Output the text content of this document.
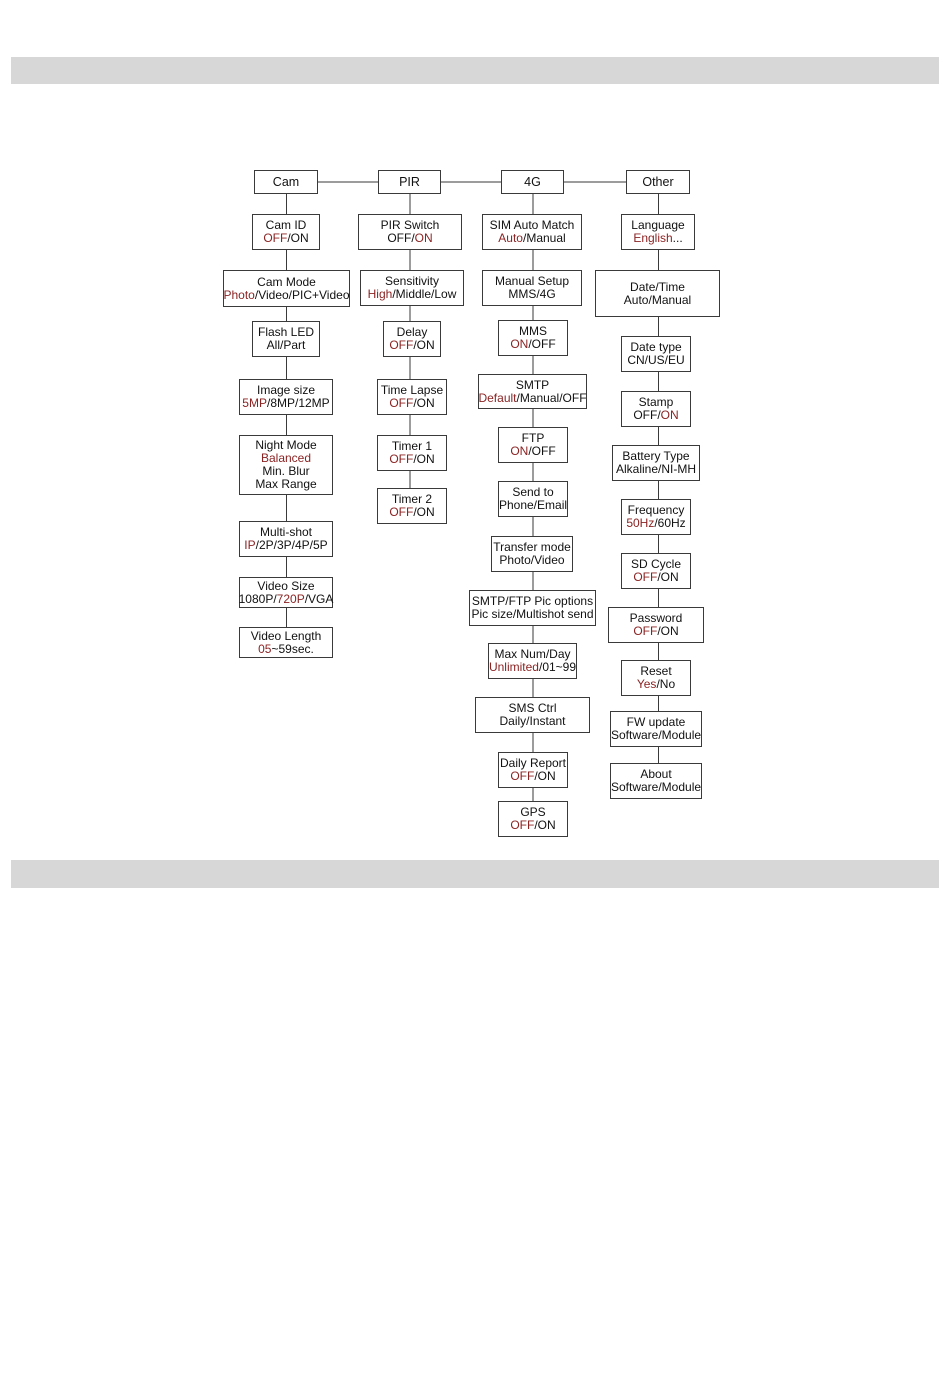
Cam
Cam ID
OFF/ON
Cam Mode
Photo/Video/PIC+Video
Flash LED
All/Part
Image size
5MP/8MP/12MP
Night Mode
Balanced
Min. Blur
Max Range
Multi-shot
IP/2P/3P/4P/5P
Video Size
1080P/720P/VGA
Video Length
05~59sec.
PIR
PIR Switch
OFF/ON
Sensitivity
High/Middle/Low
Delay
OFF/ON
Time Lapse
OFF/ON
Timer 1
OFF/ON
Timer 2
OFF/ON
4G
SIM Auto Match
Auto/Manual
Manual Setup
MMS/4G
MMS
ON/OFF
SMTP
Default/Manual/OFF
FTP
ON/OFF
Send to
Phone/Email
Transfer mode
Photo/Video
SMTP/FTP Pic options
Pic size/Multishot send
Max Num/Day
Unlimited/01~99
SMS Ctrl
Daily/Instant
Daily Report
OFF/ON
GPS
OFF/ON
Other
Language
English...
Date/Time
Auto/Manual
Date type
CN/US/EU
Stamp
OFF/ON
Battery Type
Alkaline/NI-MH
Frequency
50Hz/60Hz
SD Cycle
OFF/ON
Password
OFF/ON
Reset
Yes/No
FW update
Software/Module
About
Software/Module
